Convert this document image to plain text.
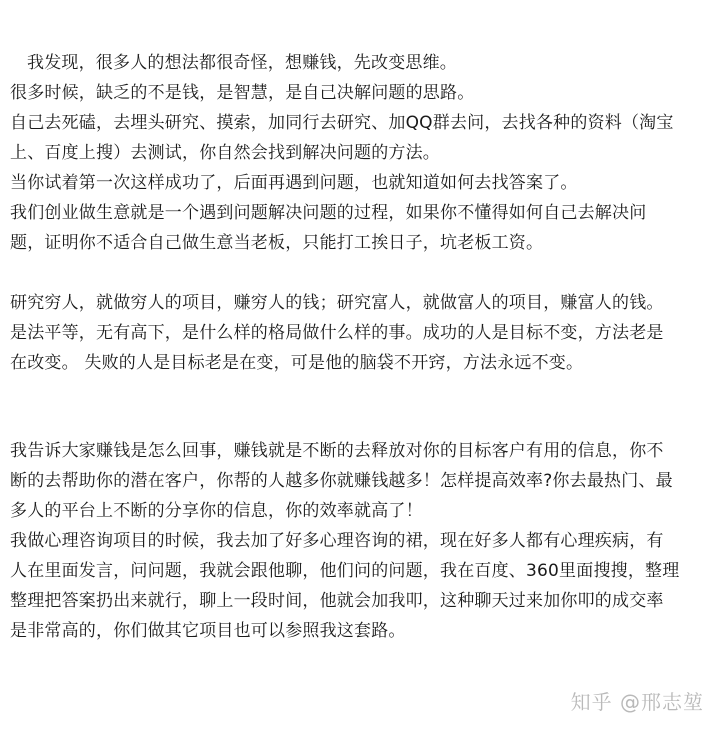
我发现，很多人的想法都很奇怪，想赚钱，先改变思维。
很多时候，缺乏的不是钱，是智慧，是自己决解问题的思路。
自己去死磕，去埋头研究、摸索，加同行去研究、加QQ群去问，去找各种的资料（淘宝
上、百度上搜）去测试，你自然会找到解决问题的方法。
当你试着第一次这样成功了，后面再遇到问题，也就知道如何去找答案了。
我们创业做生意就是一个遇到问题解决问题的过程，如果你不懂得如何自己去解决问
题，证明你不适合自己做生意当老板，只能打工挨日子，坑老板工资。
研究穷人，就做穷人的项目，赚穷人的钱；研究富人，就做富人的项目，赚富人的钱。
是法平等，无有高下，是什么样的格局做什么样的事。成功的人是目标不变，方法老是
在改变。 失败的人是目标老是在变，可是他的脑袋不开窍，方法永远不变。
我告诉大家赚钱是怎么回事，赚钱就是不断的去释放对你的目标客户有用的信息，你不
断的去帮助你的潜在客户，你帮的人越多你就赚钱越多！怎样提高效率?你去最热门、最
多人的平台上不断的分享你的信息，你的效率就高了！
我做心理咨询项目的时候，我去加了好多心理咨询的裙，现在好多人都有心理疾病，有
人在里面发言，问问题，我就会跟他聊，他们问的问题，我在百度、360里面搜搜，整理
整理把答案扔出来就行，聊上一段时间，他就会加我叩，这种聊天过来加你叩的成交率
是非常高的，你们做其它项目也可以参照我这套路。
知乎 @邢志堃
